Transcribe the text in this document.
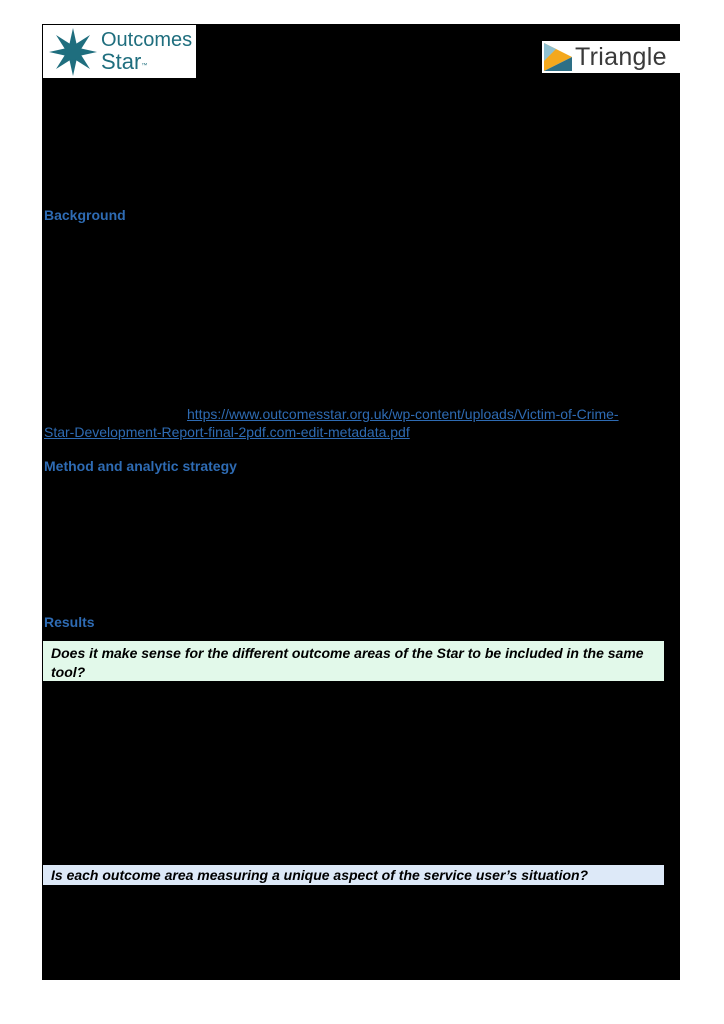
Outcomes
Star™	Triangle
Background
https://www.outcomesstar.org.uk/wp-content/uploads/Victim-of-Crime-
Star-Development-Report-final-2pdf.com-edit-metadata.pdf
Method and analytic strategy
Results
Does it make sense for the different outcome areas of the Star to be included in the same tool?
Is each outcome area measuring a unique aspect of the service user’s situation?
